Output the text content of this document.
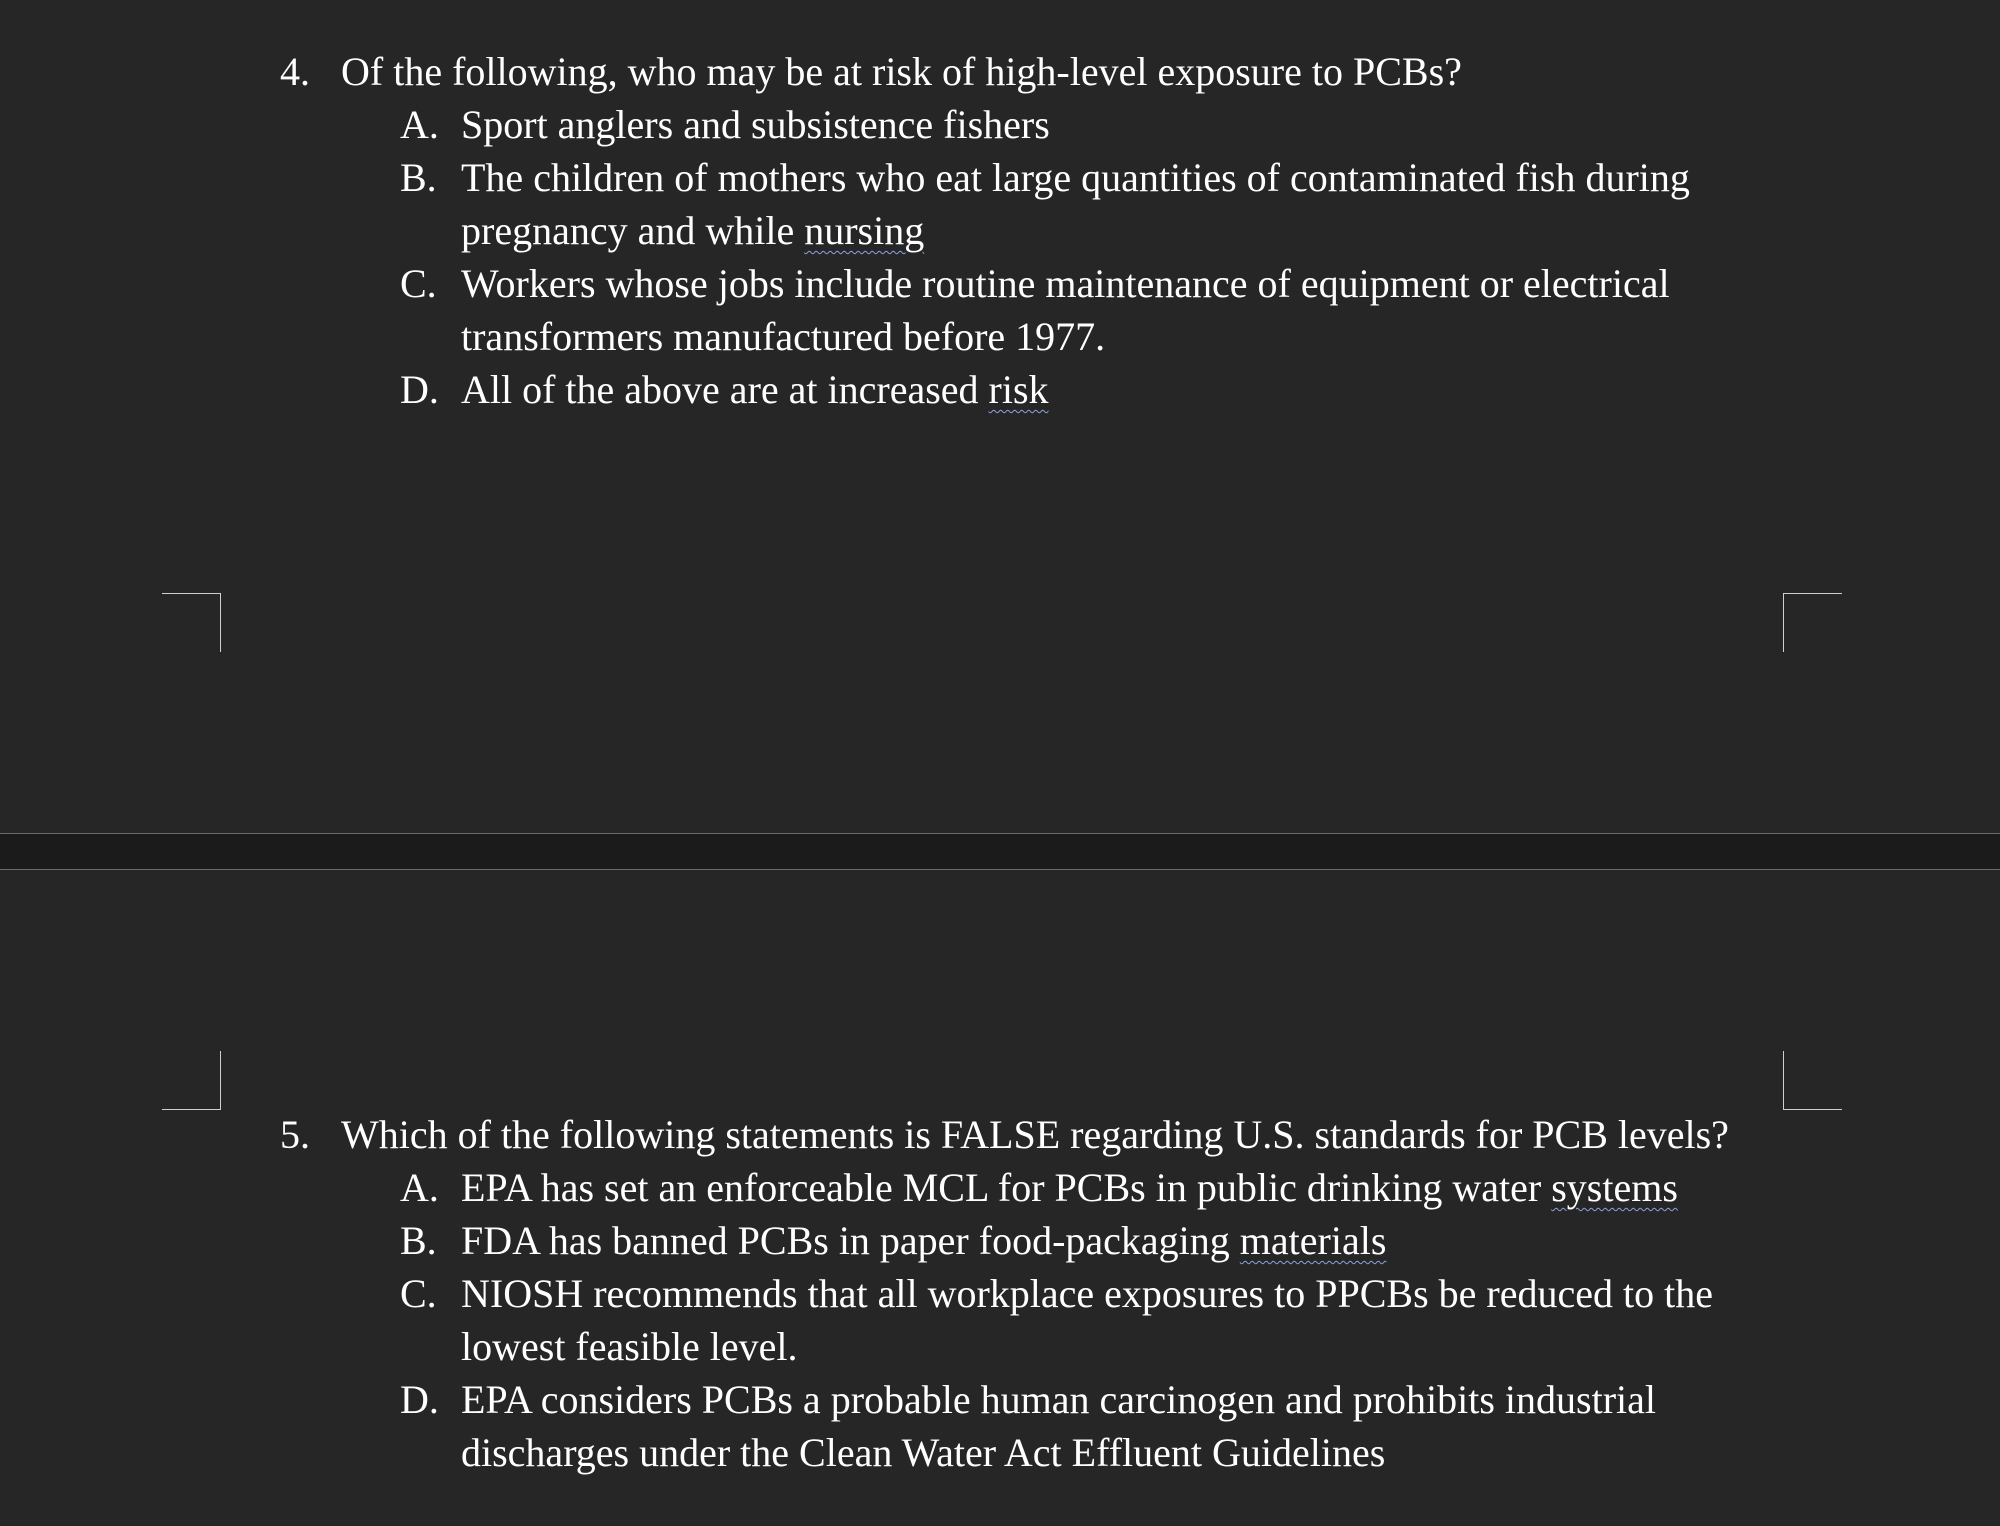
4. Of the following, who may be at risk of high-level exposure to PCBs?
A. Sport anglers and subsistence fishers
B. The children of mothers who eat large quantities of contaminated fish during pregnancy and while nursing
C. Workers whose jobs include routine maintenance of equipment or electrical transformers manufactured before 1977.
D. All of the above are at increased risk
5. Which of the following statements is FALSE regarding U.S. standards for PCB levels?
A. EPA has set an enforceable MCL for PCBs in public drinking water systems
B. FDA has banned PCBs in paper food-packaging materials
C. NIOSH recommends that all workplace exposures to PPCBs be reduced to the lowest feasible level.
D. EPA considers PCBs a probable human carcinogen and prohibits industrial discharges under the Clean Water Act Effluent Guidelines
